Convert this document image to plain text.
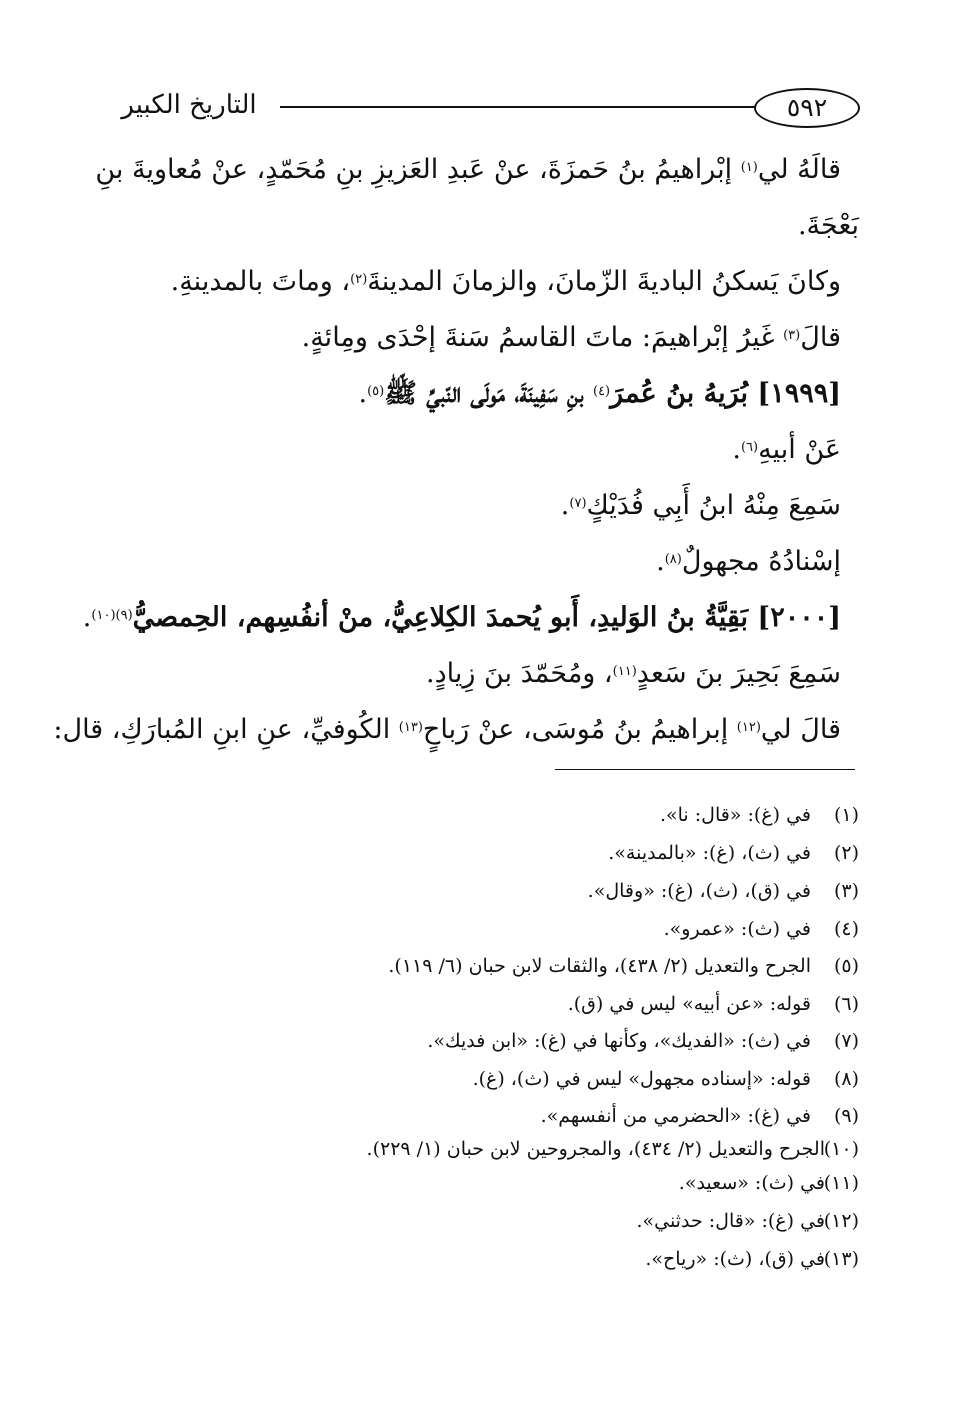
٥٩٢
التاريخ الكبير
قالَهُ لي$^{(١)}$ إبْراهيمُ بنُ حَمزَةَ، عنْ عَبدِ العَزيزِ بنِ مُحَمّدٍ، عنْ مُعاويةَ بنِ
بَعْجَةَ.
وكانَ يَسكنُ الباديةَ الزّمانَ، والزمانَ المدينةَ$^{(٢)}$، وماتَ بالمدينةِ.
قالَ$^{(٣)}$ غَيرُ إبْراهيمَ: ماتَ القاسمُ سَنةَ إحْدَى ومِائةٍ.
[١٩٩٩] بُرَيهُ بنُ عُمرَ$^{(٤)}$ بنِ سَفِينَةَ، مَولَى النّبيِّ ﷺ$^{(٥)}$.
عَنْ أبيهِ$^{(٦)}$.
سَمِعَ مِنْهُ ابنُ أَبِي فُدَيْكٍ$^{(٧)}$.
إسْنادُهُ مجهولٌ$^{(٨)}$.
[٢٠٠٠] بَقِيَّةُ بنُ الوَليدِ، أَبو يُحمدَ الكِلاعِيُّ، منْ أنفُسِهم، الحِمصيُّ$^{(٩)(١٠)}$.
سَمِعَ بَحِيرَ بنَ سَعدٍ$^{(١١)}$، ومُحَمّدَ بنَ زِيادٍ.
قالَ لي$^{(١٢)}$ إبراهيمُ بنُ مُوسَى، عنْ رَباحٍ$^{(١٣)}$ الكُوفيِّ، عنِ ابنِ المُبارَكِ، قال:
(١)في (غ): «قال: نا».
(٢)في (ث)، (غ): «بالمدينة».
(٣)في (ق)، (ث)، (غ): «وقال».
(٤)في (ث): «عمرو».
(٥)الجرح والتعديل (٢/ ٤٣٨)، والثقات لابن حبان (٦/ ١١٩).
(٦)قوله: «عن أبيه» ليس في (ق).
(٧)في (ث): «الفديك»، وكأنها في (غ): «ابن فديك».
(٨)قوله: «إسناده مجهول» ليس في (ث)، (غ).
(٩)في (غ): «الحضرمي من أنفسهم».
(١٠)الجرح والتعديل (٢/ ٤٣٤)، والمجروحين لابن حبان (١/ ٢٢٩).
(١١)في (ث): «سعيد».
(١٢)في (غ): «قال: حدثني».
(١٣)في (ق)، (ث): «رياح».
